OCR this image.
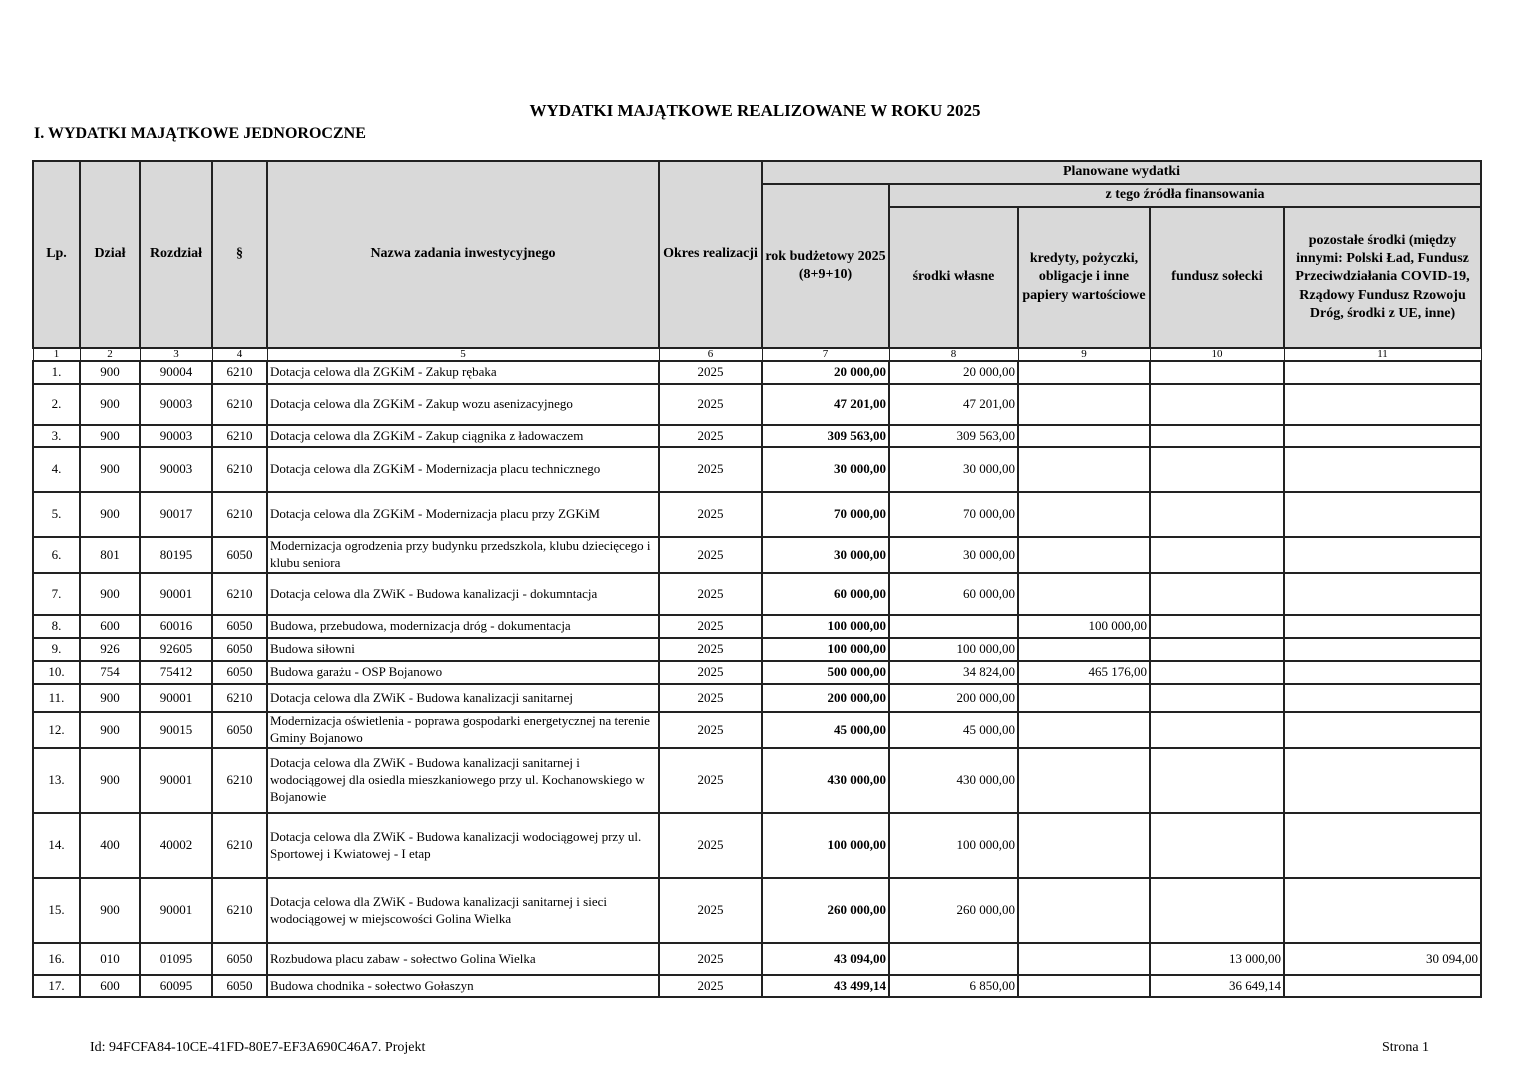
WYDATKI MAJĄTKOWE REALIZOWANE W ROKU 2025
I. WYDATKI MAJĄTKOWE JEDNOROCZNE
Lp.	Dział	Rozdział	§	Nazwa zadania inwestycyjnego	Okres realizacji	Planowane wydatki				
						rok budżetowy 2025 (8+9+10)	z tego źródła finansowania			
							środki własne	kredyty, pożyczki, obligacje i inne papiery wartościowe	fundusz sołecki	pozostałe środki (między innymi: Polski Ład, Fundusz Przeciwdziałania COVID-19, Rządowy Fundusz Rzowoju Dróg, środki z UE, inne)
1	2	3	4	5	6	7	8	9	10	11
1.	900	90004	6210	Dotacja celowa dla ZGKiM - Zakup rębaka	2025	20 000,00	20 000,00			
2.	900	90003	6210	Dotacja celowa dla ZGKiM - Zakup wozu asenizacyjnego	2025	47 201,00	47 201,00			
3.	900	90003	6210	Dotacja celowa dla ZGKiM - Zakup ciągnika z ładowaczem	2025	309 563,00	309 563,00			
4.	900	90003	6210	Dotacja celowa dla ZGKiM - Modernizacja placu technicznego	2025	30 000,00	30 000,00			
5.	900	90017	6210	Dotacja celowa dla ZGKiM - Modernizacja placu przy ZGKiM	2025	70 000,00	70 000,00			
6.	801	80195	6050	Modernizacja ogrodzenia przy budynku przedszkola, klubu dziecięcego i klubu seniora	2025	30 000,00	30 000,00			
7.	900	90001	6210	Dotacja celowa dla ZWiK - Budowa kanalizacji - dokumntacja	2025	60 000,00	60 000,00			
8.	600	60016	6050	Budowa, przebudowa, modernizacja dróg - dokumentacja	2025	100 000,00		100 000,00		
9.	926	92605	6050	Budowa siłowni	2025	100 000,00	100 000,00			
10.	754	75412	6050	Budowa garażu - OSP Bojanowo	2025	500 000,00	34 824,00	465 176,00		
11.	900	90001	6210	Dotacja celowa dla ZWiK - Budowa kanalizacji sanitarnej	2025	200 000,00	200 000,00			
12.	900	90015	6050	Modernizacja oświetlenia - poprawa gospodarki energetycznej na terenie Gminy Bojanowo	2025	45 000,00	45 000,00			
13.	900	90001	6210	Dotacja celowa dla ZWiK - Budowa kanalizacji sanitarnej i wodociągowej dla osiedla mieszkaniowego przy ul. Kochanowskiego w Bojanowie	2025	430 000,00	430 000,00			
14.	400	40002	6210	Dotacja celowa dla ZWiK - Budowa kanalizacji wodociągowej przy ul. Sportowej i Kwiatowej - I etap	2025	100 000,00	100 000,00			
15.	900	90001	6210	Dotacja celowa dla ZWiK - Budowa kanalizacji sanitarnej i sieci wodociągowej w miejscowości Golina Wielka	2025	260 000,00	260 000,00			
16.	010	01095	6050	Rozbudowa placu zabaw - sołectwo Golina Wielka	2025	43 094,00			13 000,00	30 094,00
17.	600	60095	6050	Budowa chodnika - sołectwo Gołaszyn	2025	43 499,14	6 850,00		36 649,14	
Id: 94FCFA84-10CE-41FD-80E7-EF3A690C46A7. Projekt	Strona 1
